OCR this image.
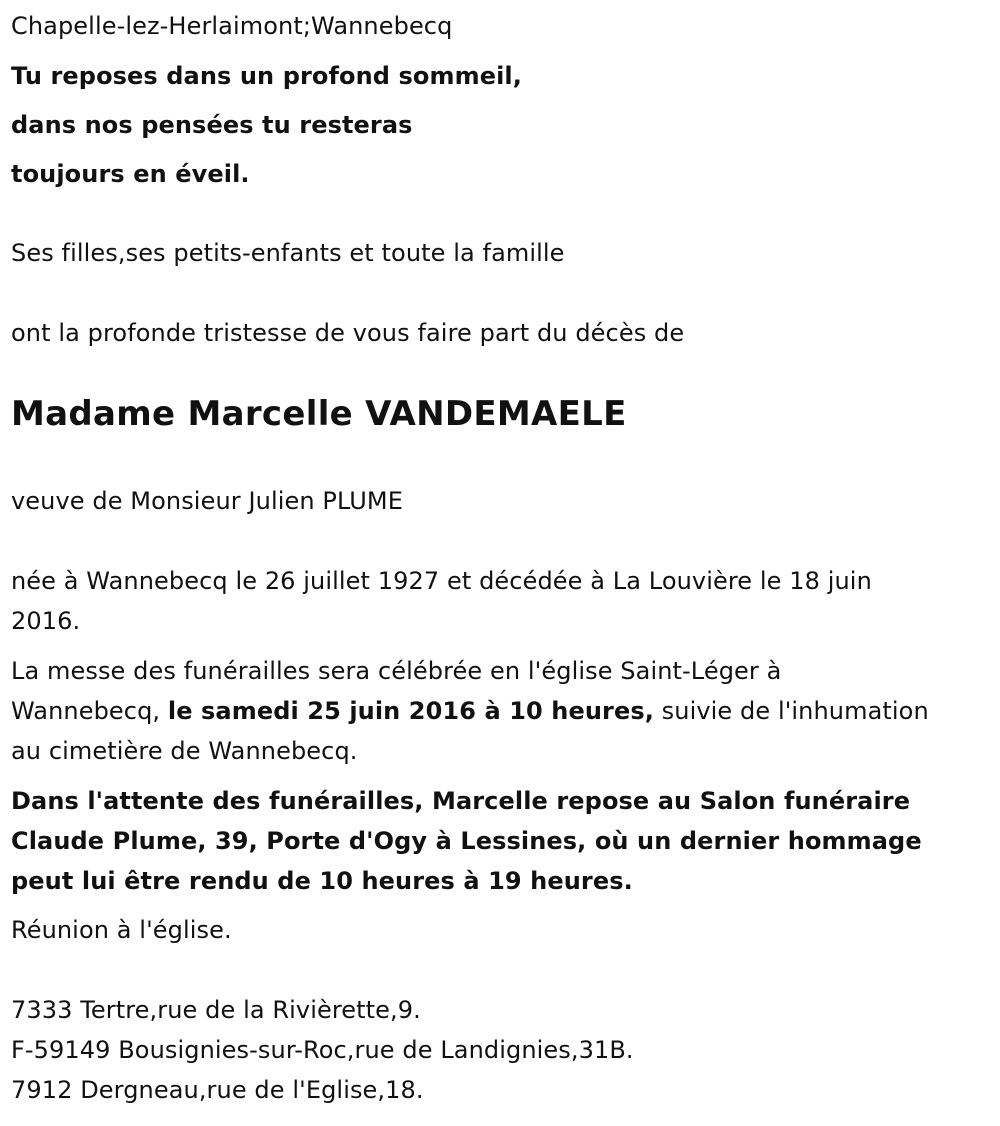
Chapelle-lez-Herlaimont;Wannebecq
Tu reposes dans un profond sommeil,
dans nos pensées tu resteras
toujours en éveil.
Ses filles,ses petits-enfants et toute la famille
ont la profonde tristesse de vous faire part du décès de
Madame Marcelle VANDEMAELE
veuve de Monsieur Julien PLUME
née à Wannebecq le 26 juillet 1927 et décédée à La Louvière le 18 juin
2016.
La messe des funérailles sera célébrée en l'église Saint-Léger à
Wannebecq, le samedi 25 juin 2016 à 10 heures, suivie de l'inhumation
au cimetière de Wannebecq.
Dans l'attente des funérailles, Marcelle repose au Salon funéraire
Claude Plume, 39, Porte d'Ogy à Lessines, où un dernier hommage
peut lui être rendu de 10 heures à 19 heures.
Réunion à l'église.
7333 Tertre,rue de la Rivièrette,9.
F-59149 Bousignies-sur-Roc,rue de Landignies,31B.
7912 Dergneau,rue de l'Eglise,18.
